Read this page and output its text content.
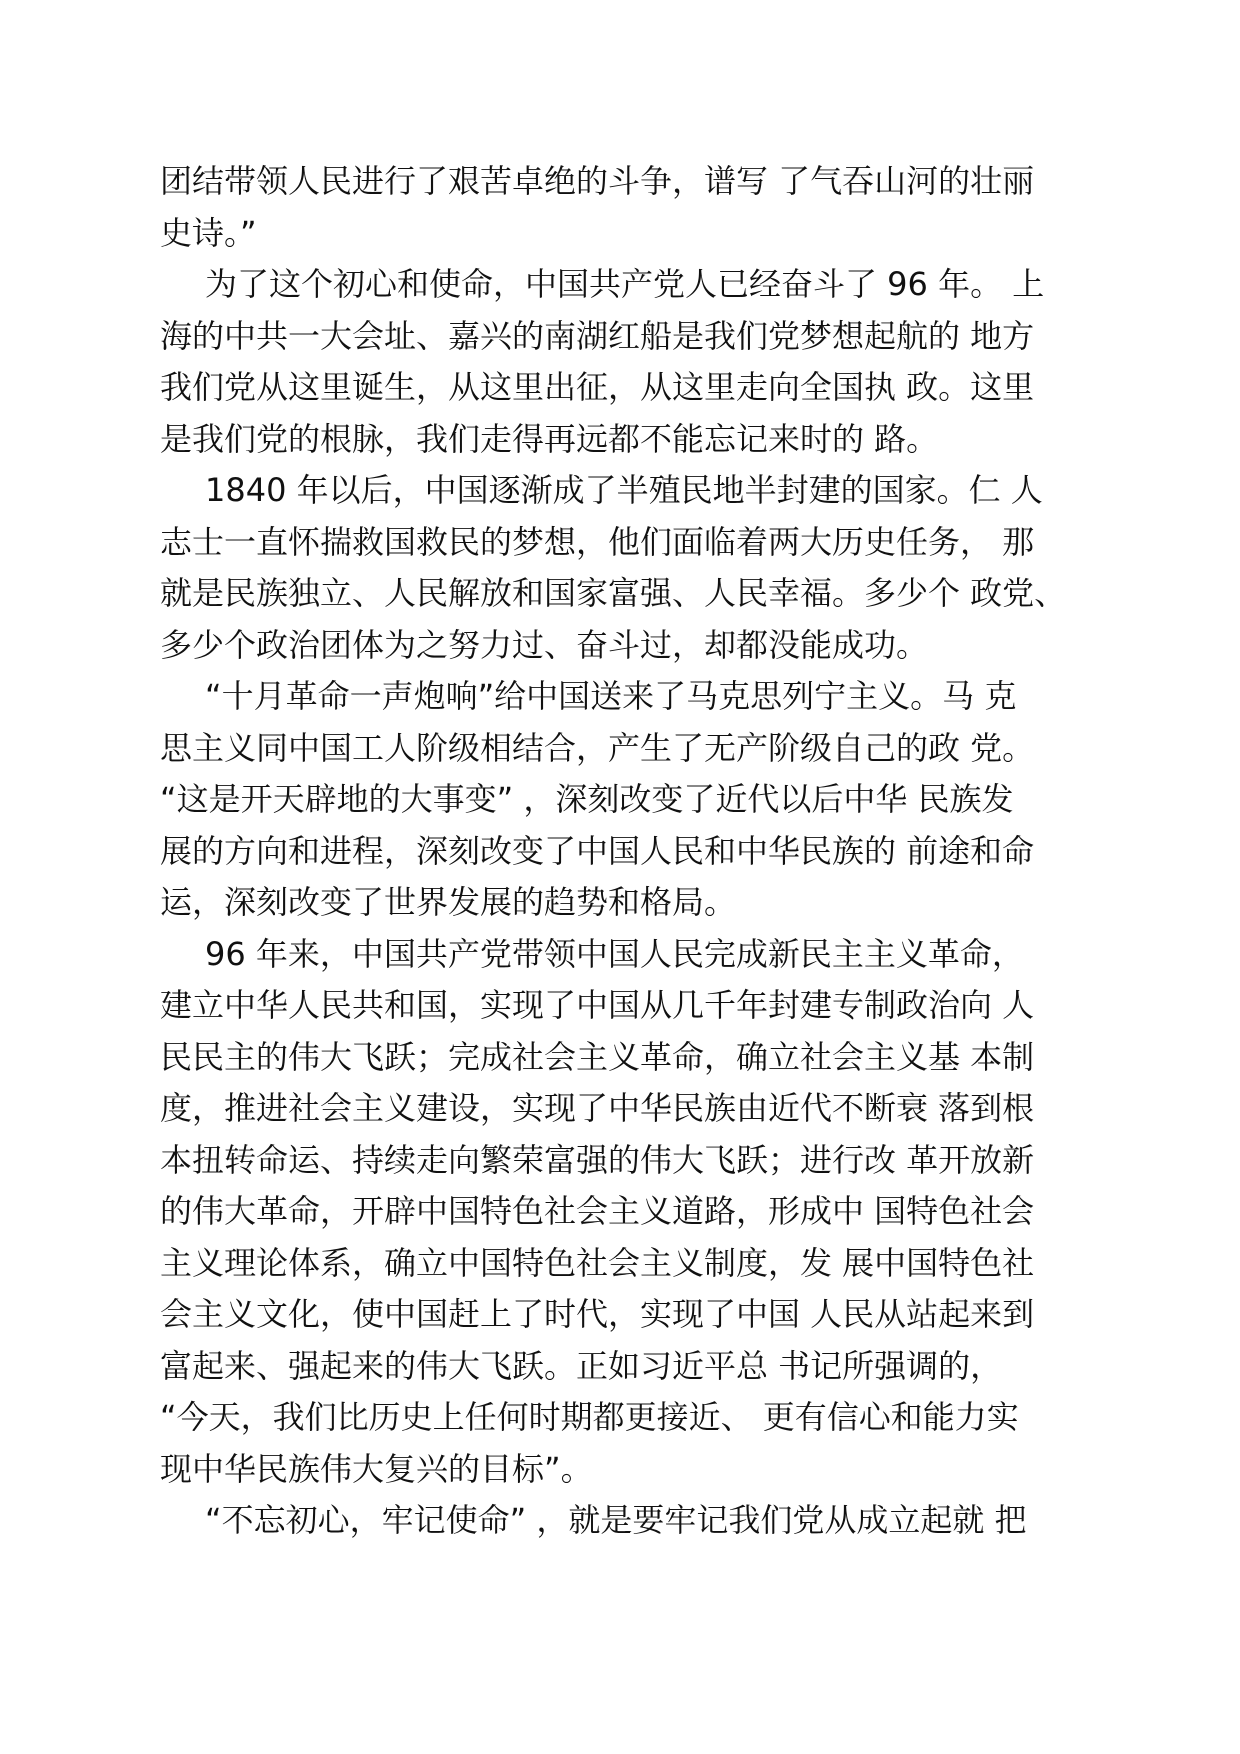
团结带领人民进行了艰苦卓绝的斗争，谱写 了气吞山河的壮丽
史诗。”
为了这个初心和使命，中国共产党人已经奋斗了 96 年。 上
海的中共一大会址、嘉兴的南湖红船是我们党梦想起航的 地方
我们党从这里诞生，从这里出征，从这里走向全国执 政。这里
是我们党的根脉，我们走得再远都不能忘记来时的 路。
1840 年以后，中国逐渐成了半殖民地半封建的国家。仁 人
志士一直怀揣救国救民的梦想，他们面临着两大历史任务， 那
就是民族独立、人民解放和国家富强、人民幸福。多少个 政党、
多少个政治团体为之努力过、奋斗过，却都没能成功。
“十月革命一声炮响”给中国送来了马克思列宁主义。马 克
思主义同中国工人阶级相结合，产生了无产阶级自己的政 党。
“这是开天辟地的大事变” ，深刻改变了近代以后中华 民族发
展的方向和进程，深刻改变了中国人民和中华民族的 前途和命
运，深刻改变了世界发展的趋势和格局。
96 年来，中国共产党带领中国人民完成新民主主义革命，
建立中华人民共和国，实现了中国从几千年封建专制政治向 人
民民主的伟大飞跃；完成社会主义革命，确立社会主义基 本制
度，推进社会主义建设，实现了中华民族由近代不断衰 落到根
本扭转命运、持续走向繁荣富强的伟大飞跃；进行改 革开放新
的伟大革命，开辟中国特色社会主义道路，形成中 国特色社会
主义理论体系，确立中国特色社会主义制度，发 展中国特色社
会主义文化，使中国赶上了时代，实现了中国 人民从站起来到
富起来、强起来的伟大飞跃。正如习近平总 书记所强调的，
“今天，我们比历史上任何时期都更接近、 更有信心和能力实
现中华民族伟大复兴的目标”。
“不忘初心，牢记使命” ，就是要牢记我们党从成立起就 把
